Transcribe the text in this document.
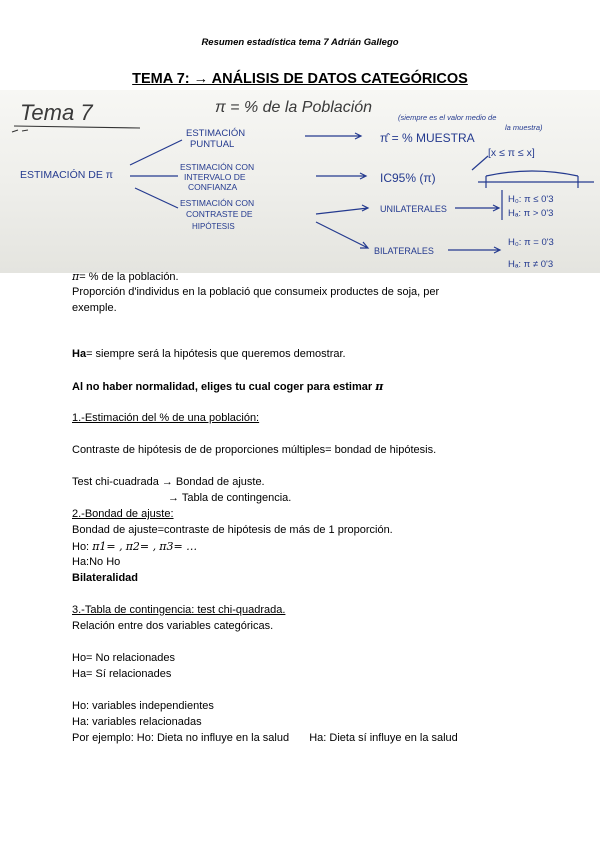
Resumen estadística tema 7 Adrián Gallego
TEMA 7: → ANÁLISIS DE DATOS CATEGÓRICOS
Tema 7	π = % de la Población
ESTIMACIÓN DE π
ESTIMACIÓN
PUNTUAL	π̂ = % MUESTRA
(siempre es el valor medio de
la muestra)
ESTIMACIÓN CON
INTERVALO DE
CONFIANZA
IC95% (π)
[x ≤ π ≤ x]
ESTIMACIÓN CON
CONTRASTE DE
HIPÓTESIS
UNILATERALES
H₀: π ≤ 0'3
Hₐ: π > 0'3
BILATERALES
H₀: π = 0'3
Hₐ: π ≠ 0'3
π= % de la población.
Proporción d'individus en la població que consumeix productes de soja, per
exemple.
Ha= siempre será la hipótesis que queremos demostrar.
Al no haber normalidad, eliges tu cual coger para estimar π
1.-Estimación del % de una población:
Contraste de hipótesis de de proporciones múltiples= bondad de hipótesis.
Test chi-cuadrada → Bondad de ajuste.
→ Tabla de contingencia.
2.-Bondad de ajuste:
Bondad de ajuste=contraste de hipótesis de más de 1 proporción.
Ho: π1= , π2= , π3= …
Ha:No Ho
Bilateralidad
3.-Tabla de contingencia: test chi-quadrada.
Relación entre dos variables categóricas.
Ho= No relacionades
Ha= Sí relacionades
Ho: variables independientes
Ha: variables relacionadas
Por ejemplo: Ho: Dieta no influye en la salud Ha: Dieta sí influye en la salud
